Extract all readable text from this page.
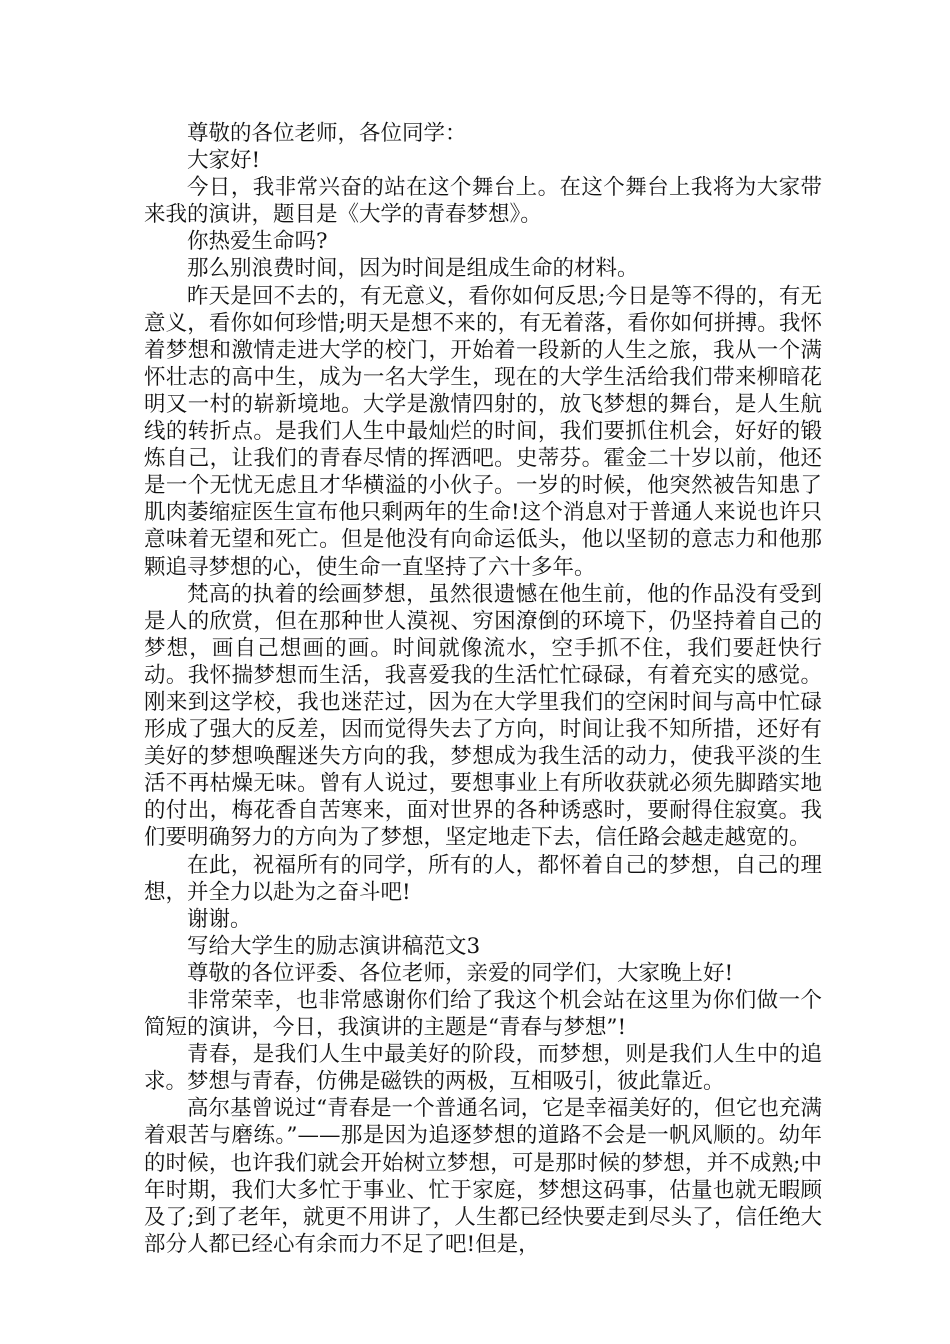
尊敬的各位老师，各位同学：

大家好!

今日，我非常兴奋的站在这个舞台上。在这个舞台上我将为大家带来我的演讲，题目是《大学的青春梦想》。

你热爱生命吗?

那么别浪费时间，因为时间是组成生命的材料。

昨天是回不去的，有无意义，看你如何反思;今日是等不得的，有无意义，看你如何珍惜;明天是想不来的，有无着落，看你如何拼搏。我怀着梦想和激情走进大学的校门，开始着一段新的人生之旅，我从一个满怀壮志的高中生，成为一名大学生，现在的大学生活给我们带来柳暗花明又一村的崭新境地。大学是激情四射的，放飞梦想的舞台，是人生航线的转折点。是我们人生中最灿烂的时间，我们要抓住机会，好好的锻炼自己，让我们的青春尽情的挥洒吧。史蒂芬。霍金二十岁以前，他还是一个无忧无虑且才华横溢的小伙子。一岁的时候，他突然被告知患了肌肉萎缩症医生宣布他只剩两年的生命!这个消息对于普通人来说也许只意味着无望和死亡。但是他没有向命运低头，他以坚韧的意志力和他那颗追寻梦想的心，使生命一直坚持了六十多年。

梵高的执着的绘画梦想，虽然很遗憾在他生前，他的作品没有受到是人的欣赏，但在那种世人漠视、穷困潦倒的环境下，仍坚持着自己的梦想，画自己想画的画。时间就像流水，空手抓不住，我们要赶快行动。我怀揣梦想而生活，我喜爱我的生活忙忙碌碌，有着充实的感觉。刚来到这学校，我也迷茫过，因为在大学里我们的空闲时间与高中忙碌形成了强大的反差，因而觉得失去了方向，时间让我不知所措，还好有美好的梦想唤醒迷失方向的我，梦想成为我生活的动力，使我平淡的生活不再枯燥无味。曾有人说过，要想事业上有所收获就必须先脚踏实地的付出，梅花香自苦寒来，面对世界的各种诱惑时，要耐得住寂寞。我们要明确努力的方向为了梦想，坚定地走下去，信任路会越走越宽的。

在此，祝福所有的同学，所有的人，都怀着自己的梦想，自己的理想，并全力以赴为之奋斗吧!

谢谢。

写给大学生的励志演讲稿范文3

尊敬的各位评委、各位老师，亲爱的同学们，大家晚上好!

非常荣幸，也非常感谢你们给了我这个机会站在这里为你们做一个简短的演讲，今日，我演讲的主题是“青春与梦想”!

青春，是我们人生中最美好的阶段，而梦想，则是我们人生中的追求。梦想与青春，仿佛是磁铁的两极，互相吸引，彼此靠近。

高尔基曾说过“青春是一个普通名词，它是幸福美好的，但它也充满着艰苦与磨练。”——那是因为追逐梦想的道路不会是一帆风顺的。幼年的时候，也许我们就会开始树立梦想，可是那时候的梦想，并不成熟;中年时期，我们大多忙于事业、忙于家庭，梦想这码事，估量也就无暇顾及了;到了老年，就更不用讲了，人生都已经快要走到尽头了，信任绝大部分人都已经心有余而力不足了吧!但是，
